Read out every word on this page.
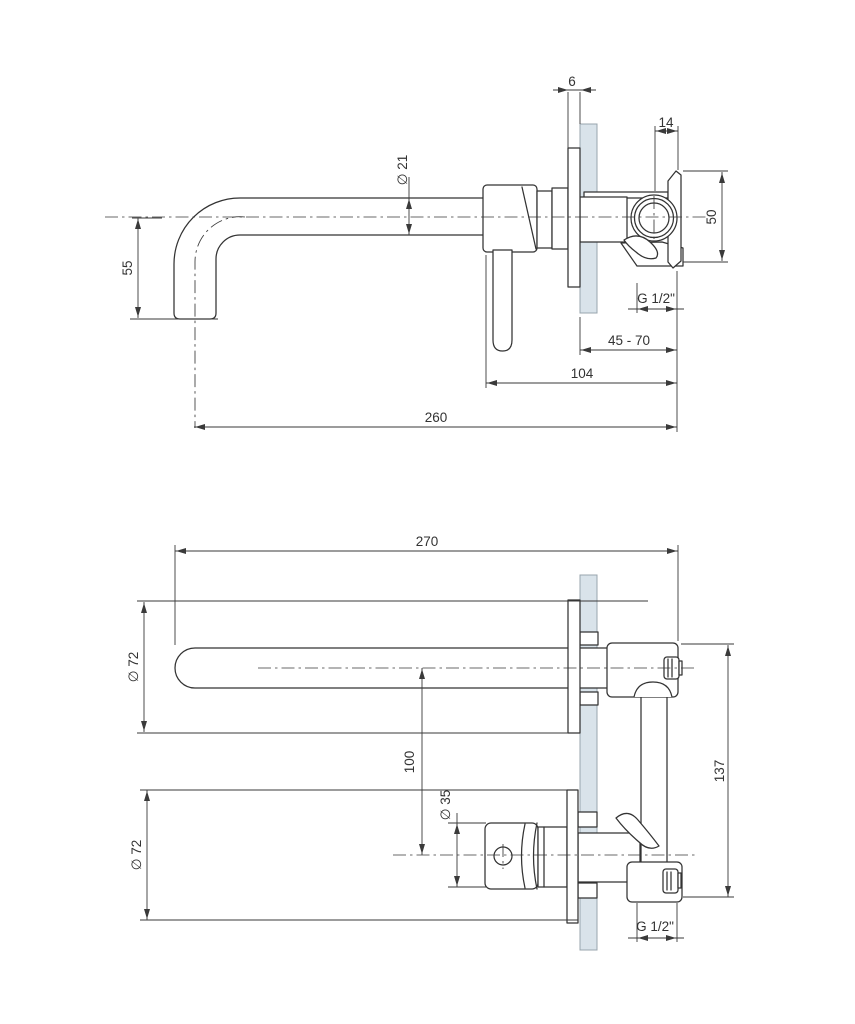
6
∅ 21
14
50
55
G 1/2"
45 - 70
104
260
270
∅ 72
100
∅ 35
∅ 72
137
G 1/2"
